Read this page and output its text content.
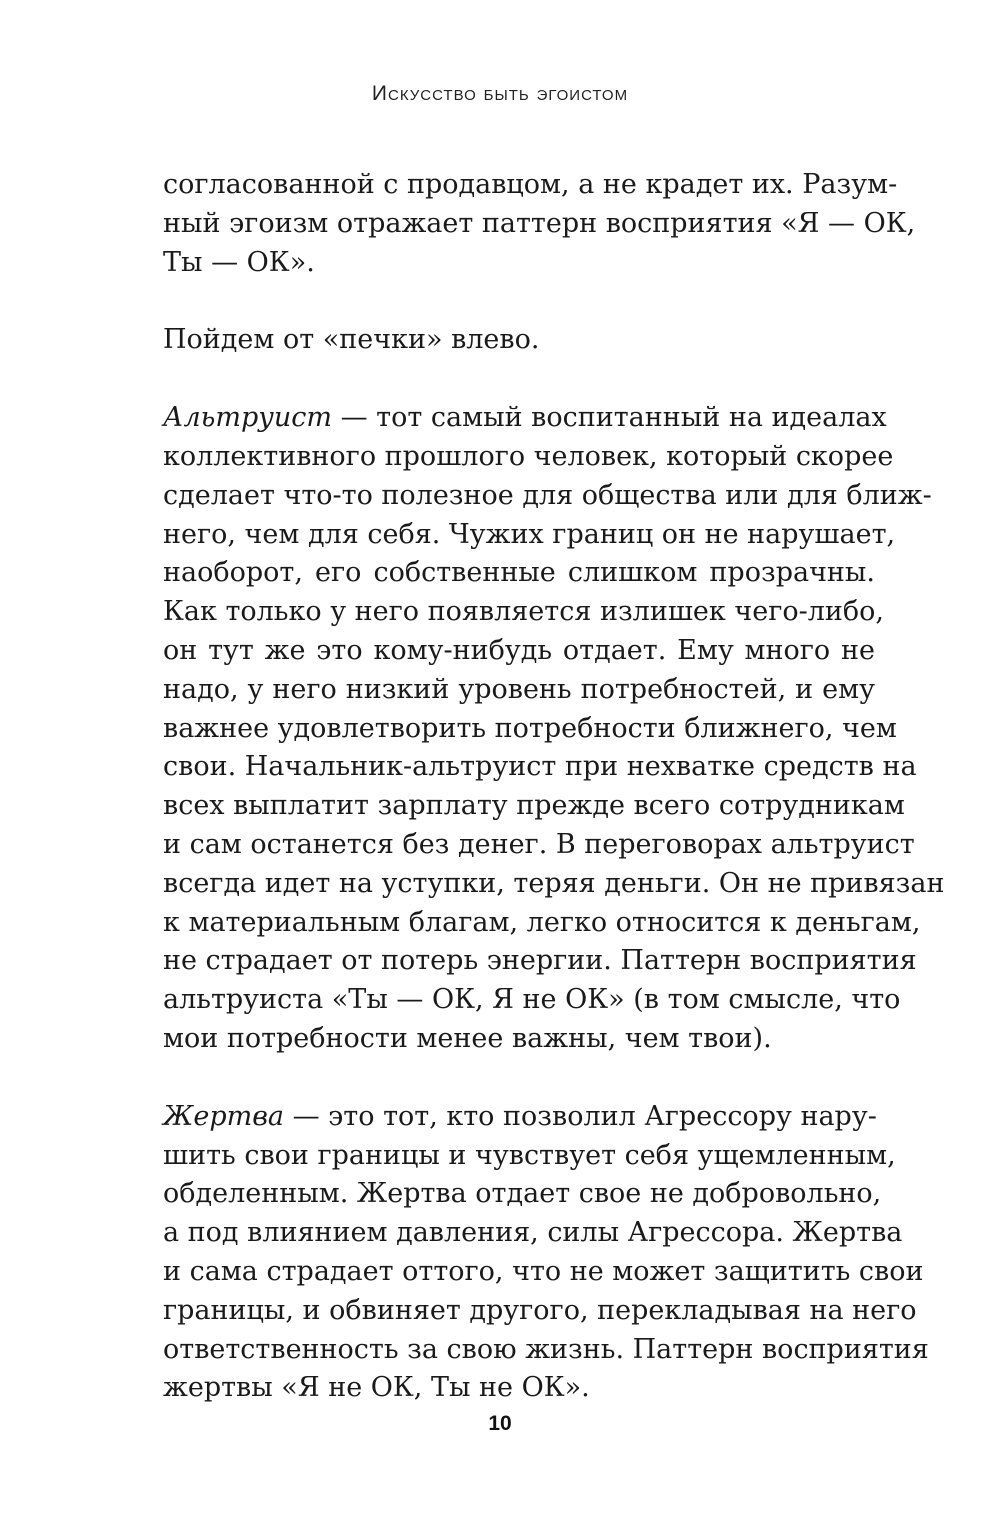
Искусство быть эгоистом

согласованной с продавцом, а не крадет их. Разум-
ный эгоизм отражает паттерн восприятия «Я — ОК,
Ты — ОК».

Пойдем от «печки» влево.

Альтруист — тот самый воспитанный на идеалах
коллективного прошлого человек, который скорее
сделает что-то полезное для общества или для ближ-
него, чем для себя. Чужих границ он не нарушает,
наоборот, его собственные слишком прозрачны.
Как только у него появляется излишек чего-либо,
он тут же это кому-нибудь отдает. Ему много не
надо, у него низкий уровень потребностей, и ему
важнее удовлетворить потребности ближнего, чем
свои. Начальник-альтруист при нехватке средств на
всех выплатит зарплату прежде всего сотрудникам
и сам останется без денег. В переговорах альтруист
всегда идет на уступки, теряя деньги. Он не привязан
к материальным благам, легко относится к деньгам,
не страдает от потерь энергии. Паттерн восприятия
альтруиста «Ты — ОК, Я не ОК» (в том смысле, что
мои потребности менее важны, чем твои).

Жертва — это тот, кто позволил Агрессору нару-
шить свои границы и чувствует себя ущемленным,
обделенным. Жертва отдает свое не добровольно,
а под влиянием давления, силы Агрессора. Жертва
и сама страдает оттого, что не может защитить свои
границы, и обвиняет другого, перекладывая на него
ответственность за свою жизнь. Паттерн восприятия
жертвы «Я не ОК, Ты не ОК».

10
